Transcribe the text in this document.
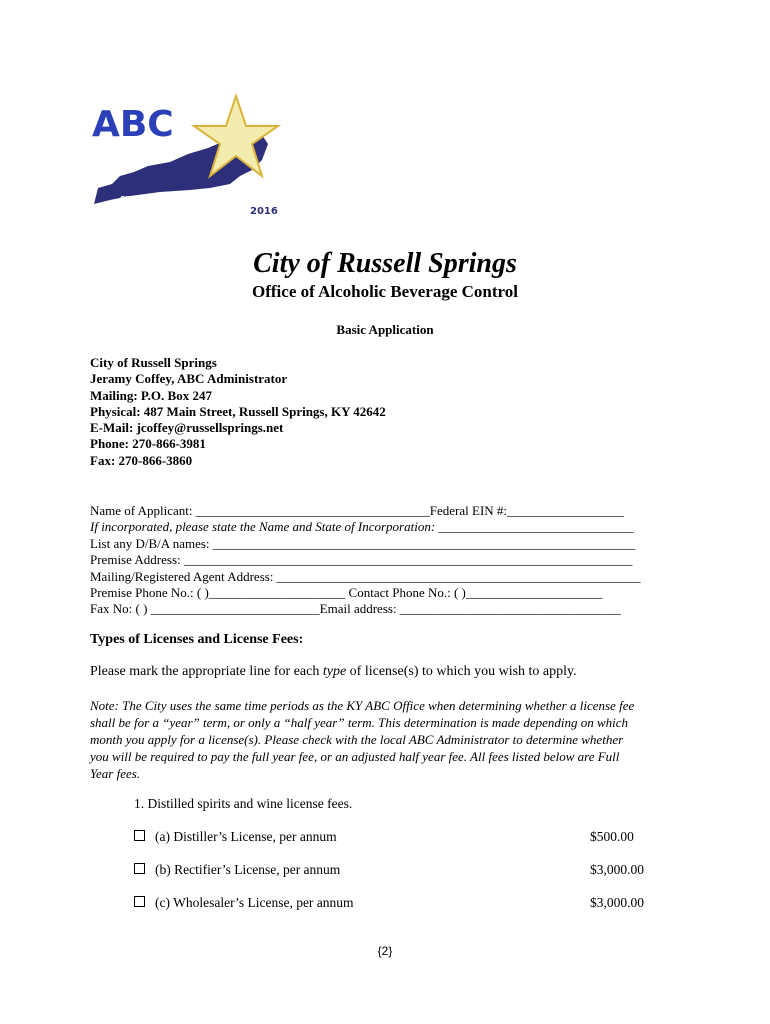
ABC
CITY OF RUSSELL SPRINGS
2016
City of Russell Springs
Office of Alcoholic Beverage Control
Basic Application
City of Russell Springs
Jeramy Coffey, ABC Administrator
Mailing: P.O. Box 247
Physical: 487 Main Street, Russell Springs, KY 42642
E-Mail: jcoffey@russellsprings.net
Phone: 270-866-3981
Fax: 270-866-3860
Name of Applicant: ____________________________________Federal EIN #:__________________
If incorporated, please state the Name and State of Incorporation: ______________________________
List any D/B/A names: _________________________________________________________________
Premise Address: _____________________________________________________________________
Mailing/Registered Agent Address: ________________________________________________________
Premise Phone No.: ( )_____________________ Contact Phone No.: ( )_____________________
Fax No: ( ) __________________________Email address: __________________________________
Types of Licenses and License Fees:
Please mark the appropriate line for each type of license(s) to which you wish to apply.
Note: The City uses the same time periods as the KY ABC Office when determining whether a license fee
shall be for a “year” term, or only a “half year” term. This determination is made depending on which
month you apply for a license(s). Please check with the local ABC Administrator to determine whether
you will be required to pay the full year fee, or an adjusted half year fee. All fees listed below are Full
Year fees.
1. Distilled spirits and wine license fees.
(a) Distiller’s License, per annum	$500.00
(b) Rectifier’s License, per annum	$3,000.00
(c) Wholesaler’s License, per annum	$3,000.00
{2}
